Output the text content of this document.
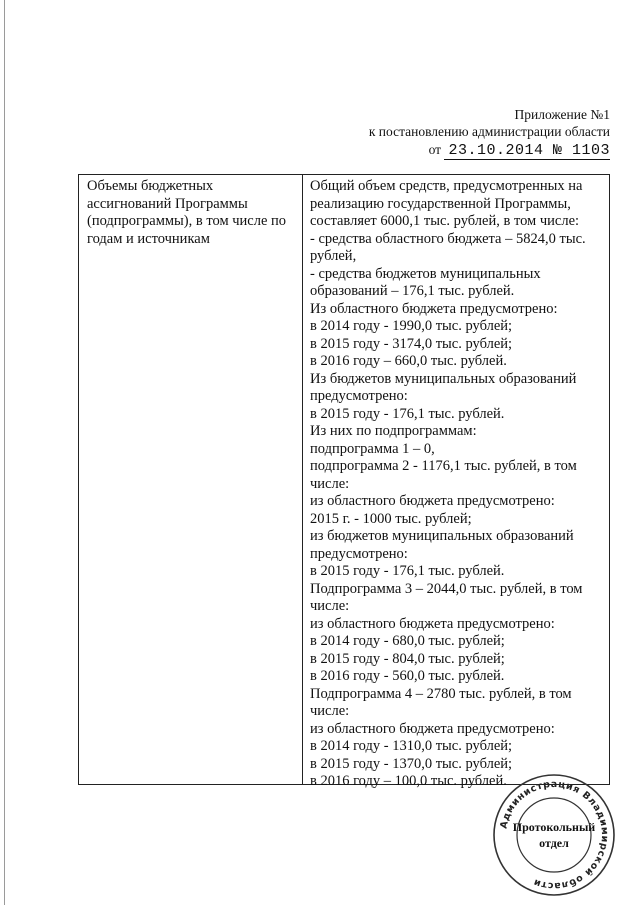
Приложение №1
к постановлению администрации области
от 23.10.2014 № 1103
Объемы бюджетных ассигнований Программы (подпрограммы), в том числе по годам и источникам
Общий объем средств, предусмотренных на
реализацию государственной Программы,
составляет 6000,1 тыс. рублей, в том числе:
- средства областного бюджета – 5824,0 тыс.
рублей,
- средства бюджетов муниципальных
образований – 176,1 тыс. рублей.
Из областного бюджета предусмотрено:
в 2014 году - 1990,0 тыс. рублей;
в 2015 году - 3174,0 тыс. рублей;
в 2016 году – 660,0 тыс. рублей.
Из бюджетов муниципальных образований
предусмотрено:
в 2015 году - 176,1 тыс. рублей.
Из них по подпрограммам:
подпрограмма 1 – 0,
подпрограмма 2 - 1176,1 тыс. рублей, в том
числе:
из областного бюджета предусмотрено:
2015 г. - 1000 тыс. рублей;
из бюджетов муниципальных образований
предусмотрено:
в 2015 году - 176,1 тыс. рублей.
Подпрограмма 3 – 2044,0 тыс. рублей, в том
числе:
из областного бюджета предусмотрено:
в 2014 году - 680,0 тыс. рублей;
в 2015 году - 804,0 тыс. рублей;
в 2016 году - 560,0 тыс. рублей.
Подпрограмма 4 – 2780 тыс. рублей, в том
числе:
из областного бюджета предусмотрено:
в 2014 году - 1310,0 тыс. рублей;
в 2015 году - 1370,0 тыс. рублей;
в 2016 году – 100,0 тыс. рублей.
Администрация Владимирской области
Протокольный
отдел
